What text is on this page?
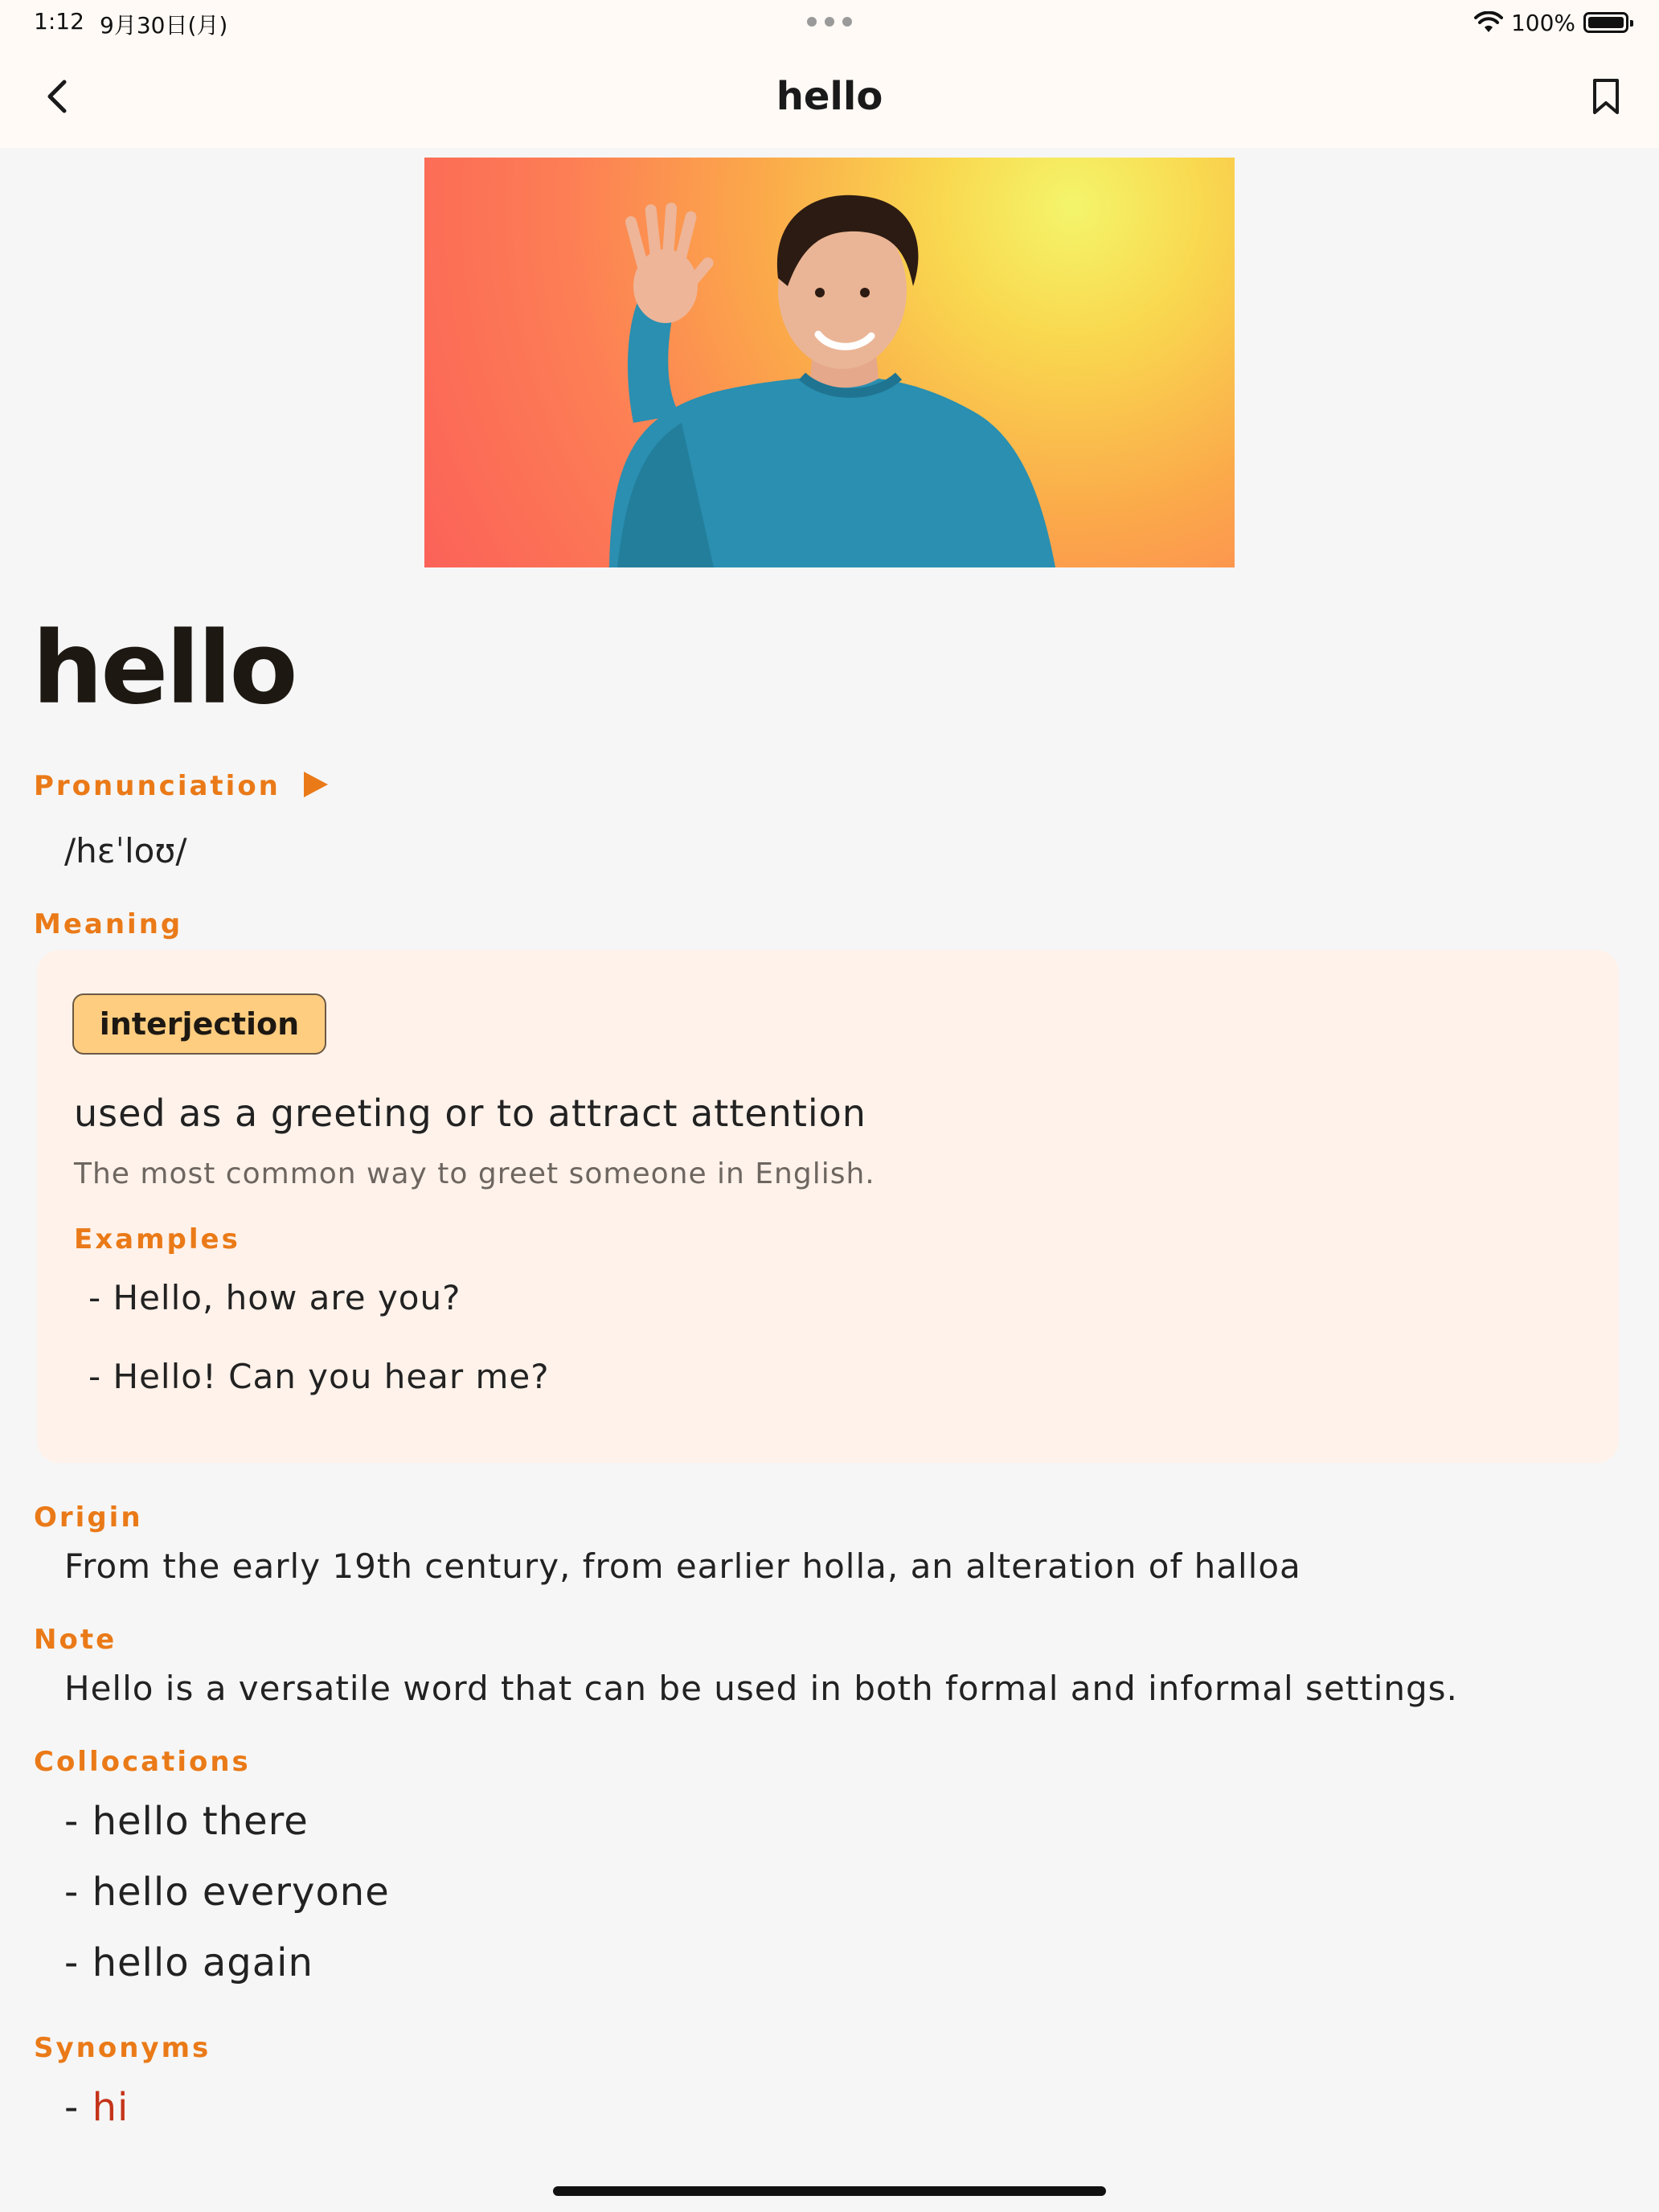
1:12 9月30日(月)	100%
hello
hello
Pronunciation
/hɛˈloʊ/
Meaning
interjection
used as a greeting or to attract attention
The most common way to greet someone in English.
Examples
- Hello, how are you?
- Hello! Can you hear me?
Origin
From the early 19th century, from earlier holla, an alteration of halloa
Note
Hello is a versatile word that can be used in both formal and informal settings.
Collocations
- hello there
- hello everyone
- hello again
Synonyms
- hi
